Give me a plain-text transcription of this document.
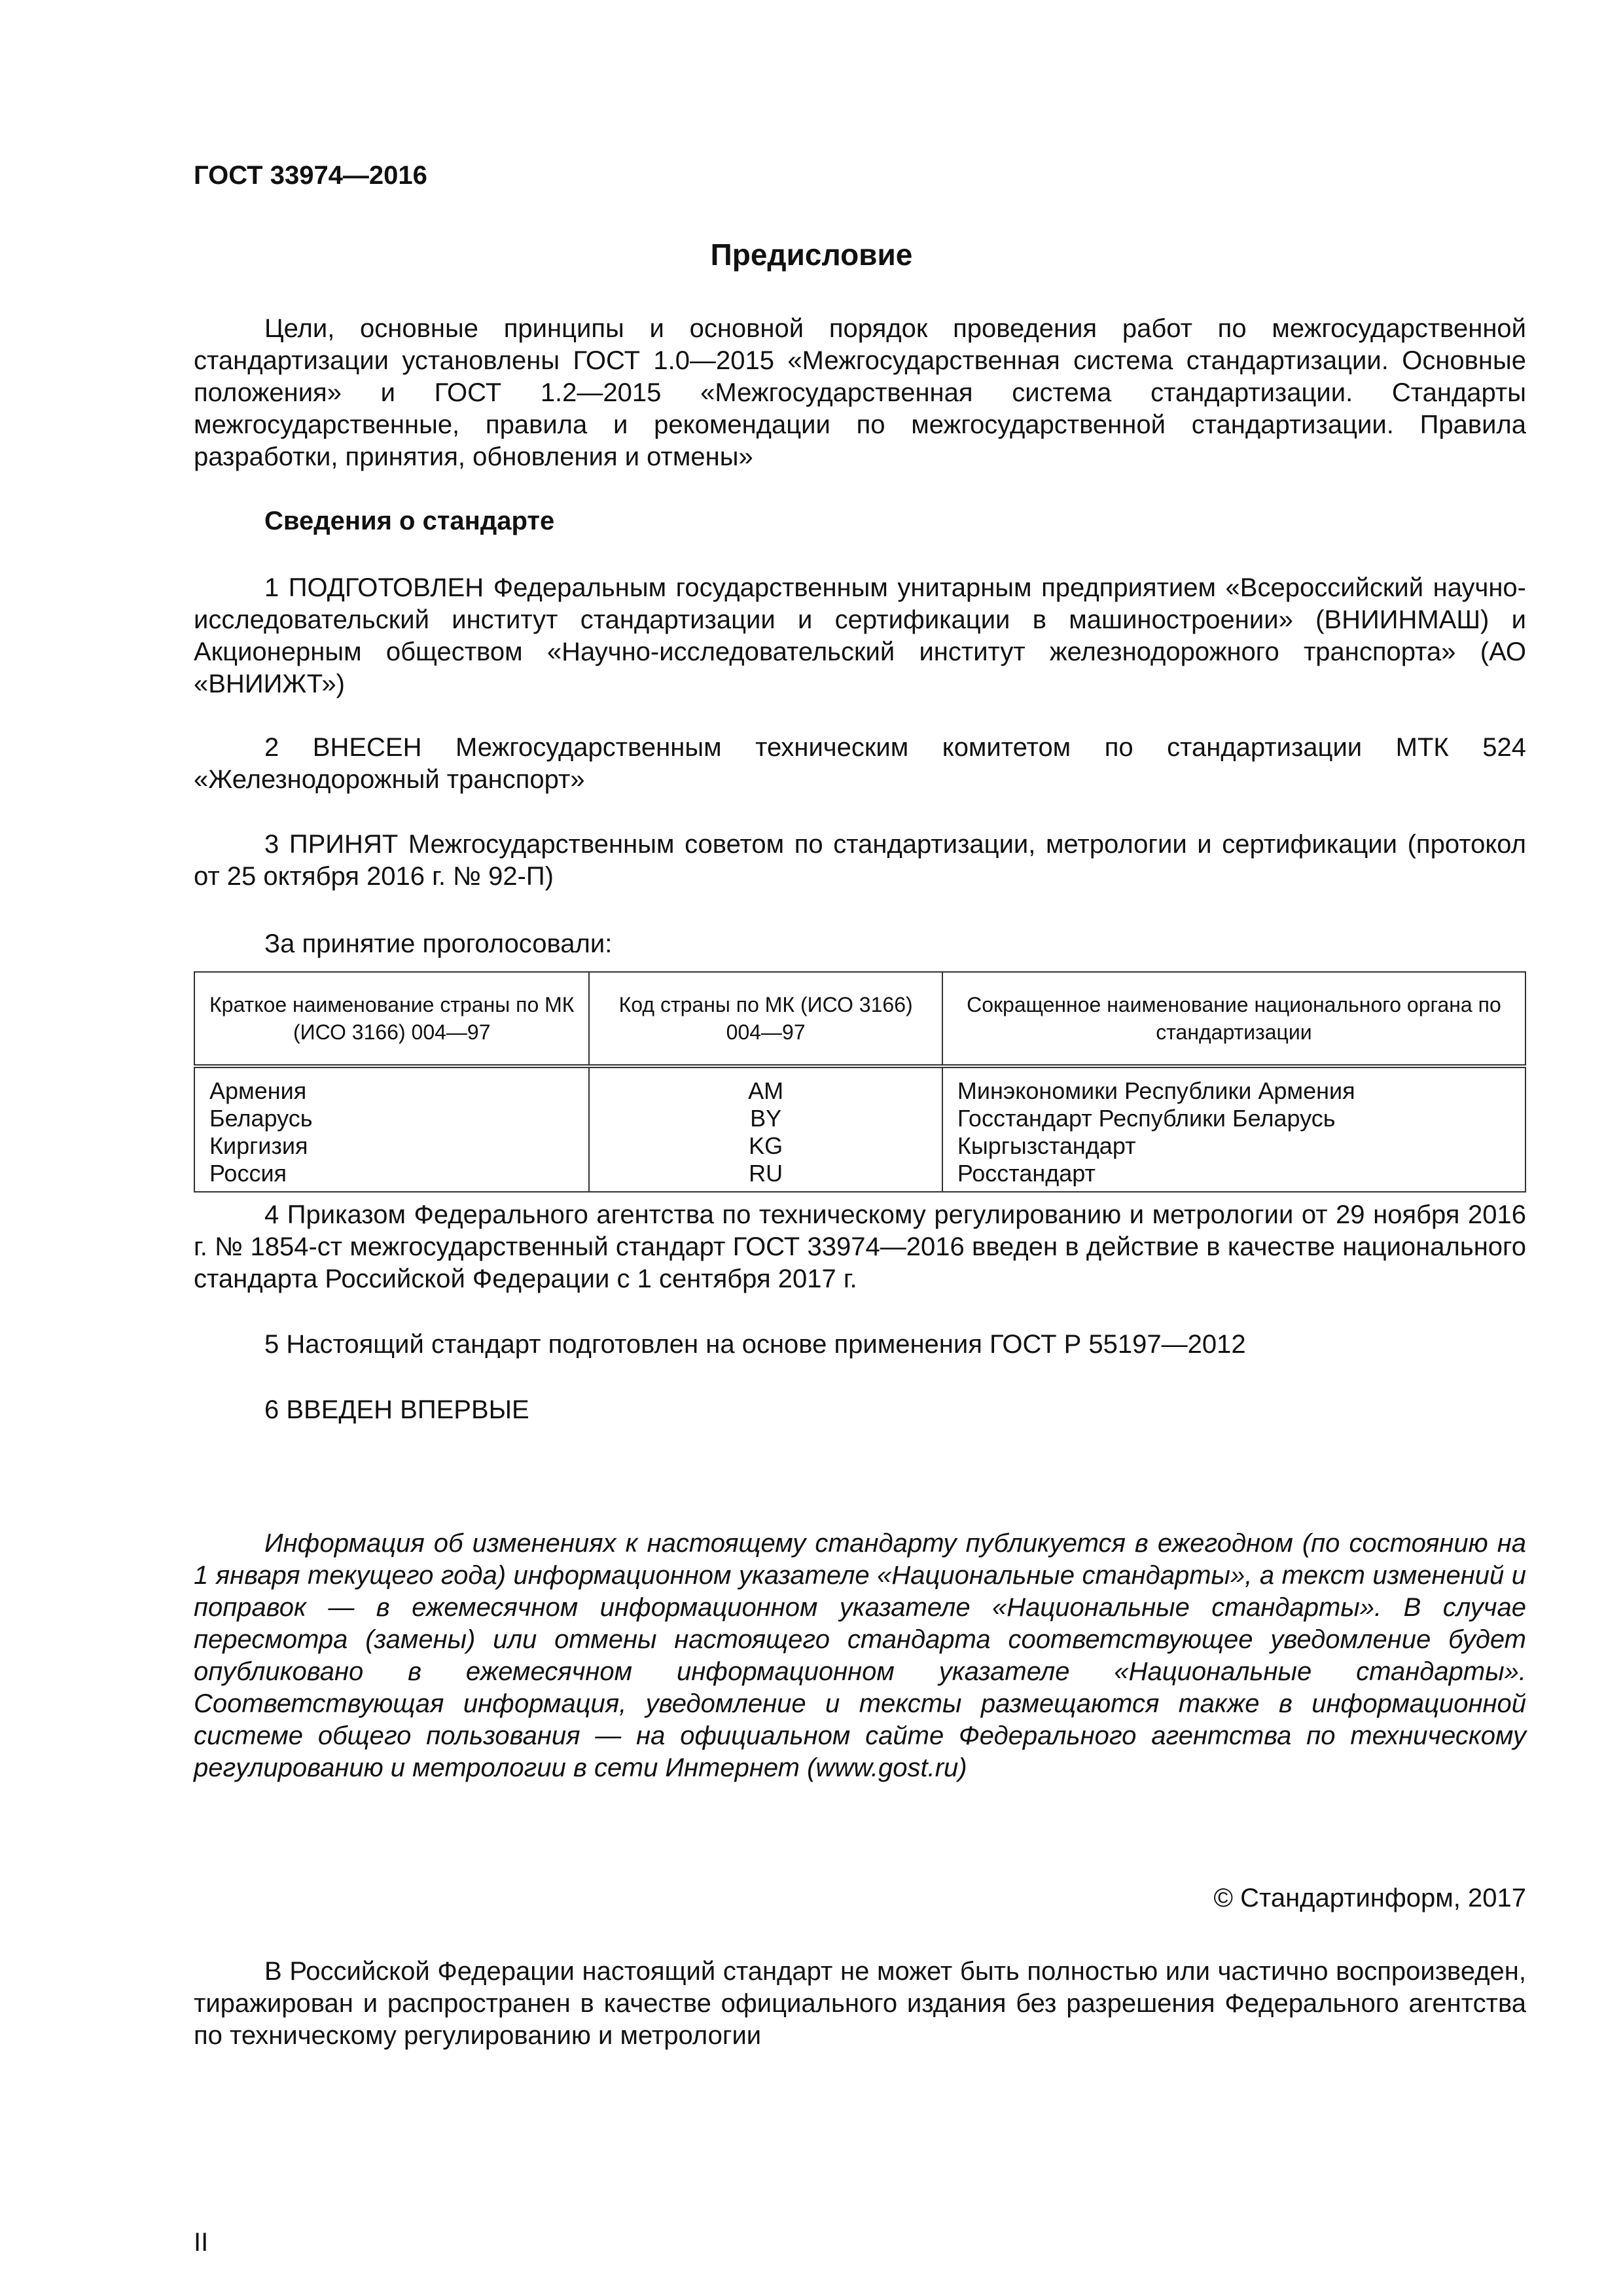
ГОСТ 33974—2016
Предисловие

Цели, основные принципы и основной порядок проведения работ по межгосударственной стандартизации установлены ГОСТ 1.0—2015 «Межгосударственная система стандартизации. Основные положения» и ГОСТ 1.2—2015 «Межгосударственная система стандартизации. Стандарты межгосударственные, правила и рекомендации по межгосударственной стандартизации. Правила разработки, принятия, обновления и отмены»

Сведения о стандарте

1 ПОДГОТОВЛЕН Федеральным государственным унитарным предприятием «Всероссийский научно-исследовательский институт стандартизации и сертификации в машиностроении» (ВНИИНМАШ) и Акционерным обществом «Научно-исследовательский институт железнодорожного транспорта» (АО «ВНИИЖТ»)

2 ВНЕСЕН Межгосударственным техническим комитетом по стандартизации МТК 524 «Железнодорожный транспорт»

3 ПРИНЯТ Межгосударственным советом по стандартизации, метрологии и сертификации (протокол от 25 октября 2016 г. № 92-П)

За принятие проголосовали:
Краткое наименование страны по МК (ИСО 3166) 004—97	Код страны по МК (ИСО 3166) 004—97	Сокращенное наименование национального органа по стандартизации
Армения	AM	Минэкономики Республики Армения
Беларусь	BY	Госстандарт Республики Беларусь
Киргизия	KG	Кыргызстандарт
Россия	RU	Росстандарт

4 Приказом Федерального агентства по техническому регулированию и метрологии от 29 ноября 2016 г. № 1854-ст межгосударственный стандарт ГОСТ 33974—2016 введен в действие в качестве национального стандарта Российской Федерации с 1 сентября 2017 г.

5 Настоящий стандарт подготовлен на основе применения ГОСТ Р 55197—2012

6 ВВЕДЕН ВПЕРВЫЕ

Информация об изменениях к настоящему стандарту публикуется в ежегодном (по состоянию на 1 января текущего года) информационном указателе «Национальные стандарты», а текст изменений и поправок — в ежемесячном информационном указателе «Национальные стандарты». В случае пересмотра (замены) или отмены настоящего стандарта соответствующее уведомление будет опубликовано в ежемесячном информационном указателе «Национальные стандарты». Соответствующая информация, уведомление и тексты размещаются также в информационной системе общего пользования — на официальном сайте Федерального агентства по техническому регулированию и метрологии в сети Интернет (www.gost.ru)

© Стандартинформ, 2017

В Российской Федерации настоящий стандарт не может быть полностью или частично воспроизведен, тиражирован и распространен в качестве официального издания без разрешения Федерального агентства по техническому регулированию и метрологии

II
